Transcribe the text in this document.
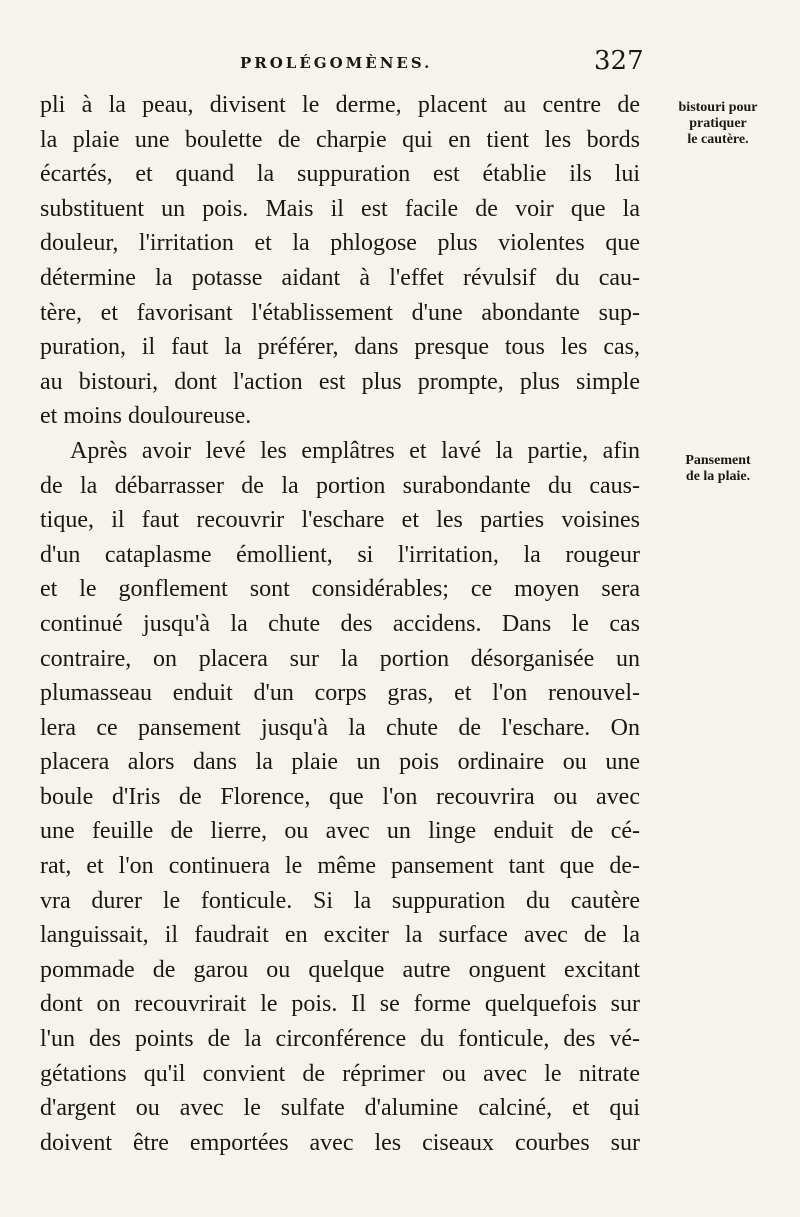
PROLÉGOMÈNES.	327
bistouri pour
pratiquer
le cautère.
Pansement
de la plaie.
pli à la peau, divisent le derme, placent au centre de
la plaie une boulette de charpie qui en tient les bords
écartés, et quand la suppuration est établie ils lui
substituent un pois. Mais il est facile de voir que la
douleur, l'irritation et la phlogose plus violentes que
détermine la potasse aidant à l'effet révulsif du cau-
tère, et favorisant l'établissement d'une abondante sup-
puration, il faut la préférer, dans presque tous les cas,
au bistouri, dont l'action est plus prompte, plus simple
et moins douloureuse.
Après avoir levé les emplâtres et lavé la partie, afin
de la débarrasser de la portion surabondante du caus-
tique, il faut recouvrir l'eschare et les parties voisines
d'un cataplasme émollient, si l'irritation, la rougeur
et le gonflement sont considérables; ce moyen sera
continué jusqu'à la chute des accidens. Dans le cas
contraire, on placera sur la portion désorganisée un
plumasseau enduit d'un corps gras, et l'on renouvel-
lera ce pansement jusqu'à la chute de l'eschare. On
placera alors dans la plaie un pois ordinaire ou une
boule d'Iris de Florence, que l'on recouvrira ou avec
une feuille de lierre, ou avec un linge enduit de cé-
rat, et l'on continuera le même pansement tant que de-
vra durer le fonticule. Si la suppuration du cautère
languissait, il faudrait en exciter la surface avec de la
pommade de garou ou quelque autre onguent excitant
dont on recouvrirait le pois. Il se forme quelquefois sur
l'un des points de la circonférence du fonticule, des vé-
gétations qu'il convient de réprimer ou avec le nitrate
d'argent ou avec le sulfate d'alumine calciné, et qui
doivent être emportées avec les ciseaux courbes sur
